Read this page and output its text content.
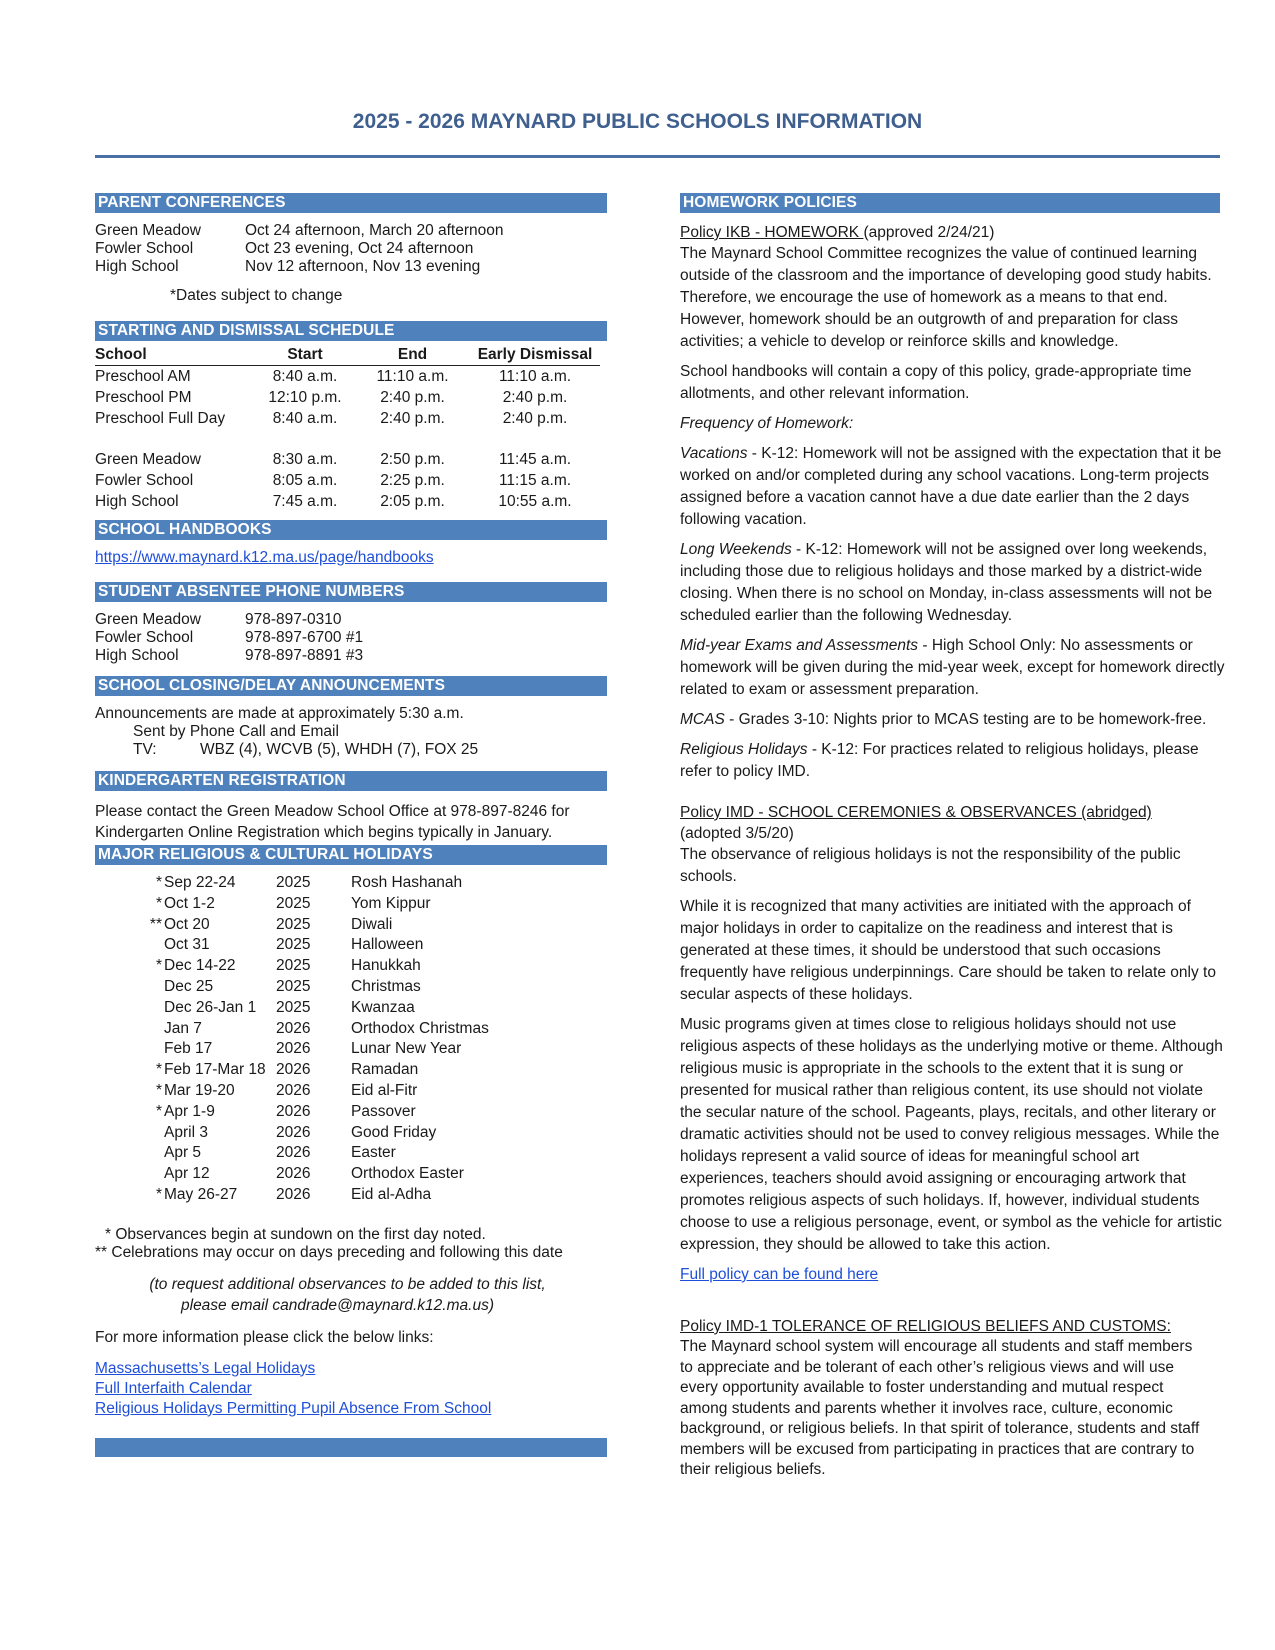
2025 - 2026 MAYNARD PUBLIC SCHOOLS INFORMATION
PARENT CONFERENCES
Green Meadow	Oct 24 afternoon, March 20 afternoon
Fowler School	Oct 23 evening, Oct 24 afternoon
High School	Nov 12 afternoon, Nov 13 evening
*Dates subject to change
STARTING AND DISMISSAL SCHEDULE
School	Start	End	Early Dismissal
Preschool AM	8:40 a.m.	11:10 a.m.	11:10 a.m.
Preschool PM	12:10 p.m.	2:40 p.m.	2:40 p.m.
Preschool Full Day	8:40 a.m.	2:40 p.m.	2:40 p.m.

Green Meadow	8:30 a.m.	2:50 p.m.	11:45 a.m.
Fowler School	8:05 a.m.	2:25 p.m.	11:15 a.m.
High School	7:45 a.m.	2:05 p.m.	10:55 a.m.
SCHOOL HANDBOOKS
https://www.maynard.k12.ma.us/page/handbooks
STUDENT ABSENTEE PHONE NUMBERS
Green Meadow	978-897-0310
Fowler School	978-897-6700 #1
High School	978-897-8891 #3
SCHOOL CLOSING/DELAY ANNOUNCEMENTS
Announcements are made at approximately 5:30 a.m.
Sent by Phone Call and Email
TV:	WBZ (4), WCVB (5), WHDH (7), FOX 25
KINDERGARTEN REGISTRATION
Please contact the Green Meadow School Office at 978-897-8246 for Kindergarten Online Registration which begins typically in January.
MAJOR RELIGIOUS & CULTURAL HOLIDAYS
* Sep 22-24	2025	Rosh Hashanah
* Oct 1-2	2025	Yom Kippur
** Oct 20	2025	Diwali
Oct 31	2025	Halloween
* Dec 14-22	2025	Hanukkah
Dec 25	2025	Christmas
Dec 26-Jan 1	2025	Kwanzaa
Jan 7	2026	Orthodox Christmas
Feb 17	2026	Lunar New Year
* Feb 17-Mar 18 2026	Ramadan
* Mar 19-20	2026	Eid al-Fitr
* Apr 1-9	2026	Passover
April 3	2026	Good Friday
Apr 5	2026	Easter
Apr 12	2026	Orthodox Easter
* May 26-27	2026	Eid al-Adha
* Observances begin at sundown on the first day noted.
** Celebrations may occur on days preceding and following this date
(to request additional observances to be added to this list,
please email candrade@maynard.k12.ma.us)
For more information please click the below links:
Massachusetts’s Legal Holidays
Full Interfaith Calendar
Religious Holidays Permitting Pupil Absence From School
HOMEWORK POLICIES
Policy IKB - HOMEWORK (approved 2/24/21)

The Maynard School Committee recognizes the value of continued learning outside of the classroom and the importance of developing good study habits. Therefore, we encourage the use of homework as a means to that end. However, homework should be an outgrowth of and preparation for class activities; a vehicle to develop or reinforce skills and knowledge.

School handbooks will contain a copy of this policy, grade-appropriate time allotments, and other relevant information.

Frequency of Homework:

Vacations - K-12: Homework will not be assigned with the expectation that it be worked on and/or completed during any school vacations. Long-term projects assigned before a vacation cannot have a due date earlier than the 2 days following vacation.

Long Weekends - K-12: Homework will not be assigned over long weekends, including those due to religious holidays and those marked by a district-wide closing. When there is no school on Monday, in-class assessments will not be scheduled earlier than the following Wednesday.

Mid-year Exams and Assessments - High School Only: No assessments or homework will be given during the mid-year week, except for homework directly related to exam or assessment preparation.

MCAS - Grades 3-10: Nights prior to MCAS testing are to be homework-free.

Religious Holidays - K-12: For practices related to religious holidays, please refer to policy IMD.

Policy IMD - SCHOOL CEREMONIES & OBSERVANCES (abridged)
(adopted 3/5/20)

The observance of religious holidays is not the responsibility of the public schools.

While it is recognized that many activities are initiated with the approach of major holidays in order to capitalize on the readiness and interest that is generated at these times, it should be understood that such occasions frequently have religious underpinnings. Care should be taken to relate only to secular aspects of these holidays.

Music programs given at times close to religious holidays should not use religious aspects of these holidays as the underlying motive or theme. Although religious music is appropriate in the schools to the extent that it is sung or presented for musical rather than religious content, its use should not violate the secular nature of the school. Pageants, plays, recitals, and other literary or dramatic activities should not be used to convey religious messages. While the holidays represent a valid source of ideas for meaningful school art experiences, teachers should avoid assigning or encouraging artwork that promotes religious aspects of such holidays. If, however, individual students choose to use a religious personage, event, or symbol as the vehicle for artistic expression, they should be allowed to take this action.

Full policy can be found here
Policy IMD-1 TOLERANCE OF RELIGIOUS BELIEFS AND CUSTOMS:

The Maynard school system will encourage all students and staff members to appreciate and be tolerant of each other’s religious views and will use every opportunity available to foster understanding and mutual respect among students and parents whether it involves race, culture, economic background, or religious beliefs. In that spirit of tolerance, students and staff members will be excused from participating in practices that are contrary to their religious beliefs.
